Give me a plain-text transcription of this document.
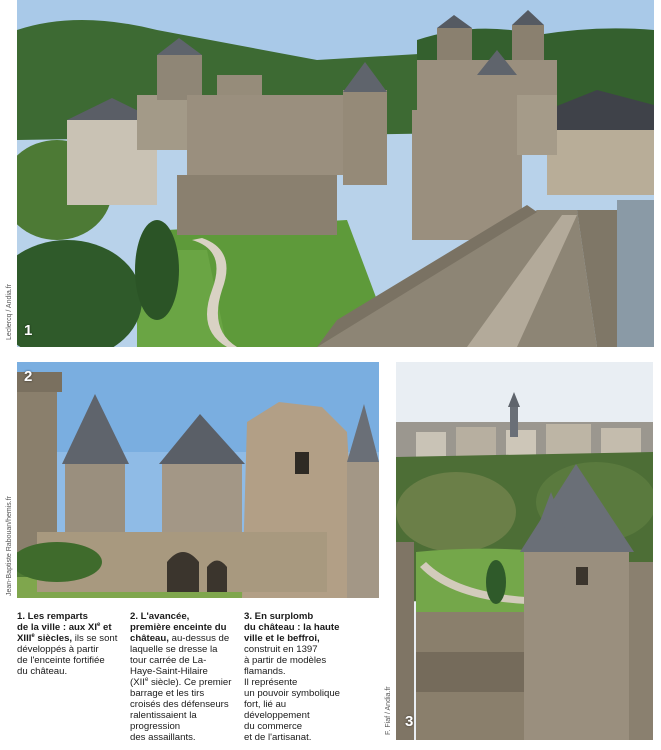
1
Leclercq / Andia.fr
2
Jean-Baptiste Rabouan/hemis.fr
3
F. Fiaf / Andia.fr
1. Les remparts
de la ville : aux XIe et
XIIIe siècles, ils se sont
développés à partir
de l'enceinte fortifiée
du château.
2. L'avancée,
première enceinte du
château, au-dessus de
laquelle se dresse la
tour carrée de La-
Haye-Saint-Hilaire
(XIIe siècle). Ce premier
barrage et les tirs
croisés des défenseurs
ralentissaient la
progression
des assaillants.
3. En surplomb
du château : la haute
ville et le beffroi,
construit en 1397
à partir de modèles
flamands.
Il représente
un pouvoir symbolique
fort, lié au
développement
du commerce
et de l'artisanat.
